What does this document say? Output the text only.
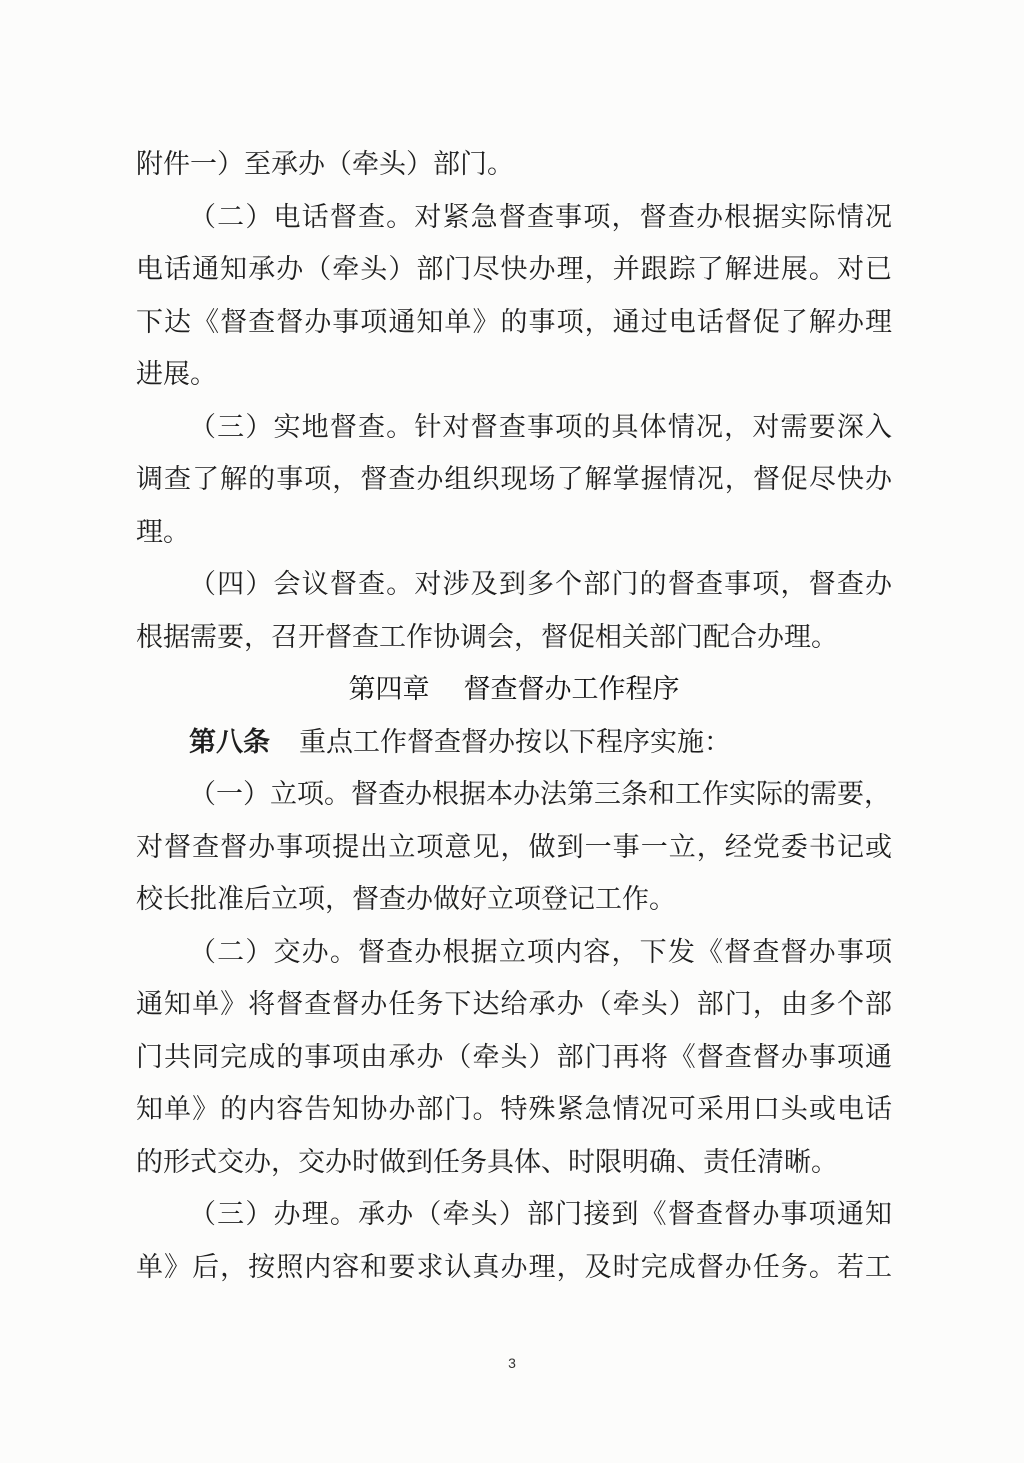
附件一）至承办（牵头）部门。
（二）电话督查。对紧急督查事项，督查办根据实际情况
电话通知承办（牵头）部门尽快办理，并跟踪了解进展。对已
下达《督查督办事项通知单》的事项，通过电话督促了解办理
进展。
（三）实地督查。针对督查事项的具体情况，对需要深入
调查了解的事项，督查办组织现场了解掌握情况，督促尽快办
理。
（四）会议督查。对涉及到多个部门的督查事项，督查办
根据需要，召开督查工作协调会，督促相关部门配合办理。
第四章 督查督办工作程序
第八条 重点工作督查督办按以下程序实施：
（一）立项。督查办根据本办法第三条和工作实际的需要，
对督查督办事项提出立项意见，做到一事一立，经党委书记或
校长批准后立项，督查办做好立项登记工作。
（二）交办。督查办根据立项内容，下发《督查督办事项
通知单》将督查督办任务下达给承办（牵头）部门，由多个部
门共同完成的事项由承办（牵头）部门再将《督查督办事项通
知单》的内容告知协办部门。特殊紧急情况可采用口头或电话
的形式交办，交办时做到任务具体、时限明确、责任清晰。
（三）办理。承办（牵头）部门接到《督查督办事项通知
单》后，按照内容和要求认真办理，及时完成督办任务。若工
3
